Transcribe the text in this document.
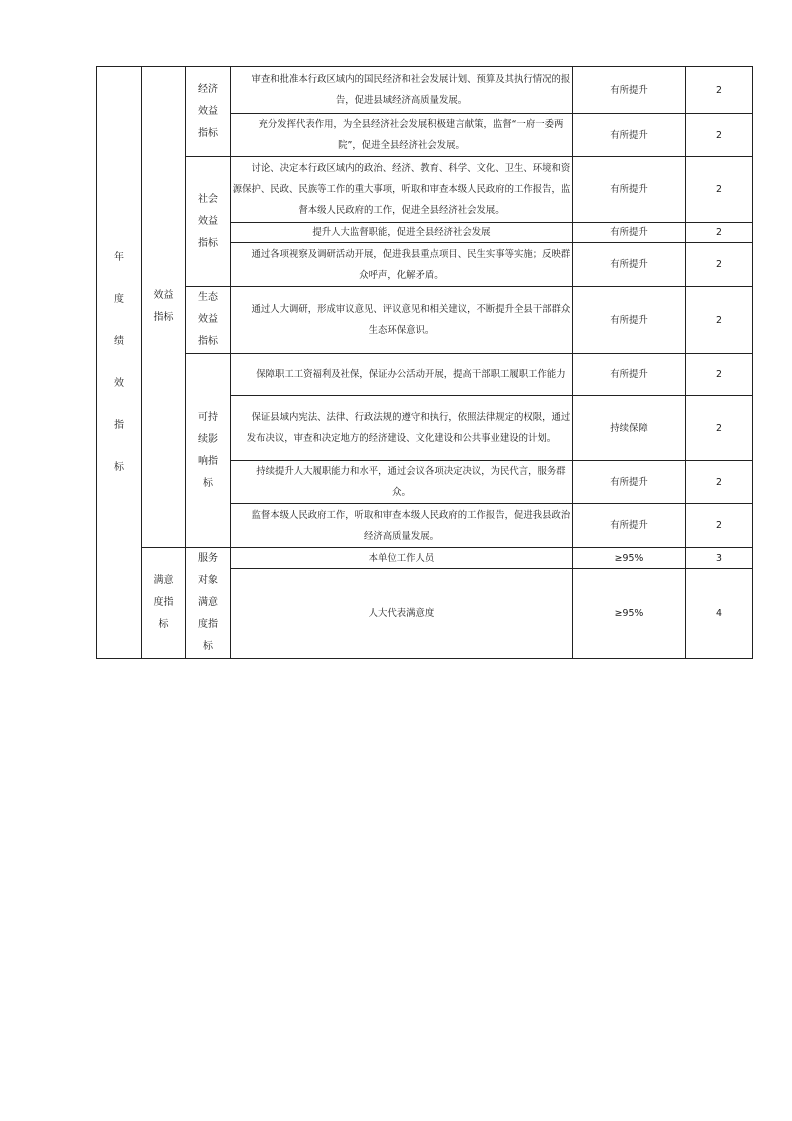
年度绩效指标	效益指标	经济效益指标	审查和批准本行政区域内的国民经济和社会发展计划、预算及其执行情况的报告，促进县域经济高质量发展。	有所提升	2

			充分发挥代表作用，为全县经济社会发展积极建言献策，监督“一府一委两院”，促进全县经济社会发展。	有所提升	2
		社会效益指标	讨论、决定本行政区域内的政治、经济、教育、科学、文化、卫生、环境和资源保护、民政、民族等工作的重大事项，听取和审查本级人民政府的工作报告，监督本级人民政府的工作，促进全县经济社会发展。	有所提升	2
			提升人大监督职能，促进全县经济社会发展	有所提升	2

			通过各项视察及调研活动开展，促进我县重点项目、民生实事等实施；反映群众呼声，化解矛盾。	有所提升	2
		生态效益指标	通过人大调研，形成审议意见、评议意见和相关建议，不断提升全县干部群众生态环保意识。	有所提升	2
		可持续影响指标	保障职工工资福利及社保，保证办公活动开展，提高干部职工履职工作能力	有所提升	2

			保证县域内宪法、法律、行政法规的遵守和执行，依照法律规定的权限，通过发布决议，审查和决定地方的经济建设、文化建设和公共事业建设的计划。	持续保障	2

			持续提升人大履职能力和水平，通过会议各项决定决议，为民代言，服务群众。	有所提升	2

			监督本级人民政府工作，听取和审查本级人民政府的工作报告，促进我县政治经济高质量发展。	有所提升	2

	满意度指标	服务对象满意度指标	本单位工作人员	≥95%	3
			人大代表满意度	≥95%	4
